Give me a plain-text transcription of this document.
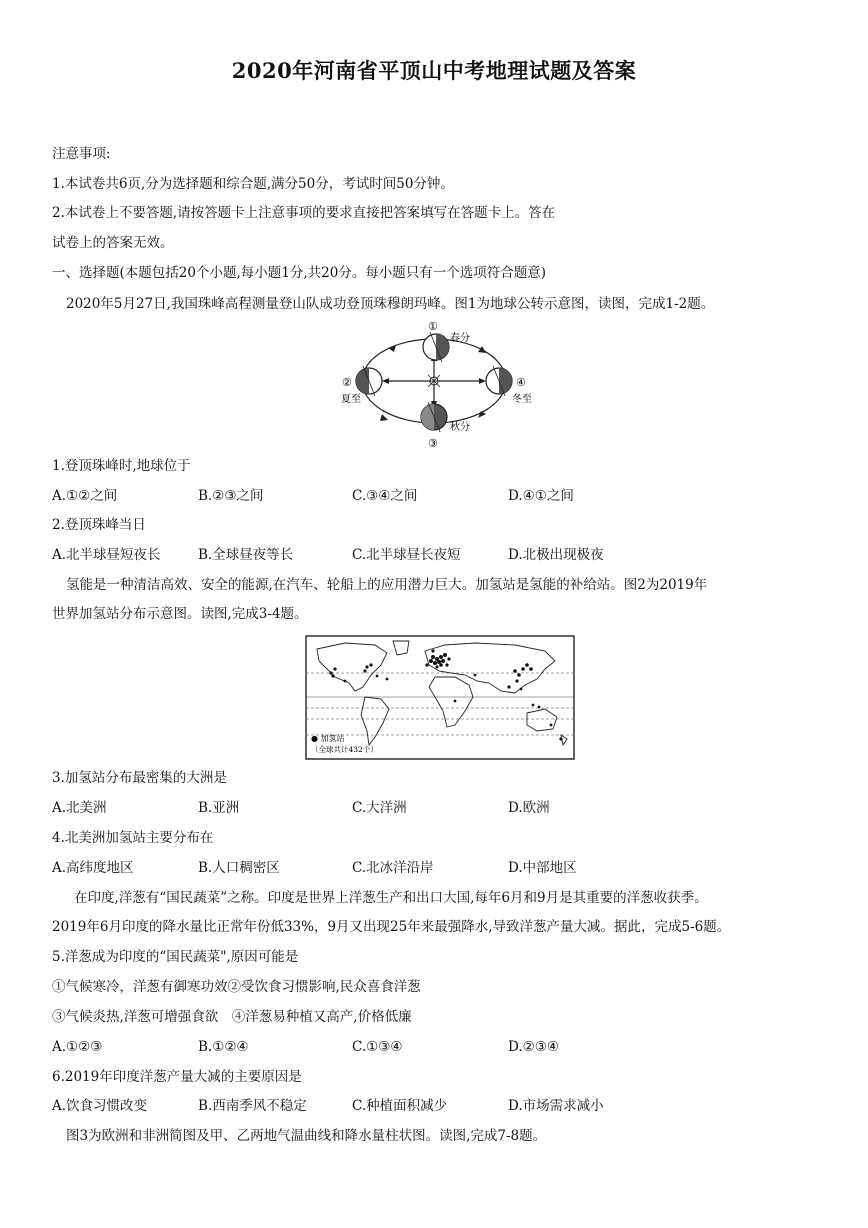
2020年河南省平顶山中考地理试题及答案
注意事项:
1.本试卷共6页,分为选择题和综合题,满分50分，考试时间50分钟。
2.本试卷上不要答题,请按答题卡上注意事项的要求直接把答案填写在答题卡上。答在
试卷上的答案无效。
一、选择题(本题包括20个小题,每小题1分,共20分。每小题只有一个选项符合题意)
2020年5月27日,我国珠峰高程测量登山队成功登顶珠穆朗玛峰。图1为地球公转示意图，读图，完成1-2题。
①
春分
②
夏至
③
秋分
④
冬至
1.登顶珠峰时,地球位于
A.①②之间	B.②③之间	C.③④之间	D.④①之间
2.登顶珠峰当日
A.北半球昼短夜长	B.全球昼夜等长	C.北半球昼长夜短	D.北极出现极夜
氢能是一种清洁高效、安全的能源,在汽车、轮船上的应用潜力巨大。加氢站是氢能的补给站。图2为2019年
世界加氢站分布示意图。读图,完成3-4题。
● 加氢站
（全球共计432个）
3.加氢站分布最密集的大洲是
A.北美洲	B.亚洲	C.大洋洲	D.欧洲
4.北美洲加氢站主要分布在
A.高纬度地区	B.人口稠密区	C.北冰洋沿岸	D.中部地区
在印度,洋葱有“国民蔬菜”之称。印度是世界上洋葱生产和出口大国,每年6月和9月是其重要的洋葱收获季。
2019年6月印度的降水量比正常年份低33%，9月又出现25年来最强降水,导致洋葱产量大减。据此，完成5-6题。
5.洋葱成为印度的“国民蔬菜",原因可能是
①气候寒冷，洋葱有御寒功效②受饮食习惯影响,民众喜食洋葱
③气候炎热,洋葱可增强食欲　④洋葱易种植又高产,价格低廉
A.①②③	B.①②④	C.①③④	D.②③④
6.2019年印度洋葱产量大减的主要原因是
A.饮食习惯改变	B.西南季风不稳定	C.种植面积减少	D.市场需求减小
图3为欧洲和非洲简图及甲、乙两地气温曲线和降水量柱状图。读图,完成7-8题。
